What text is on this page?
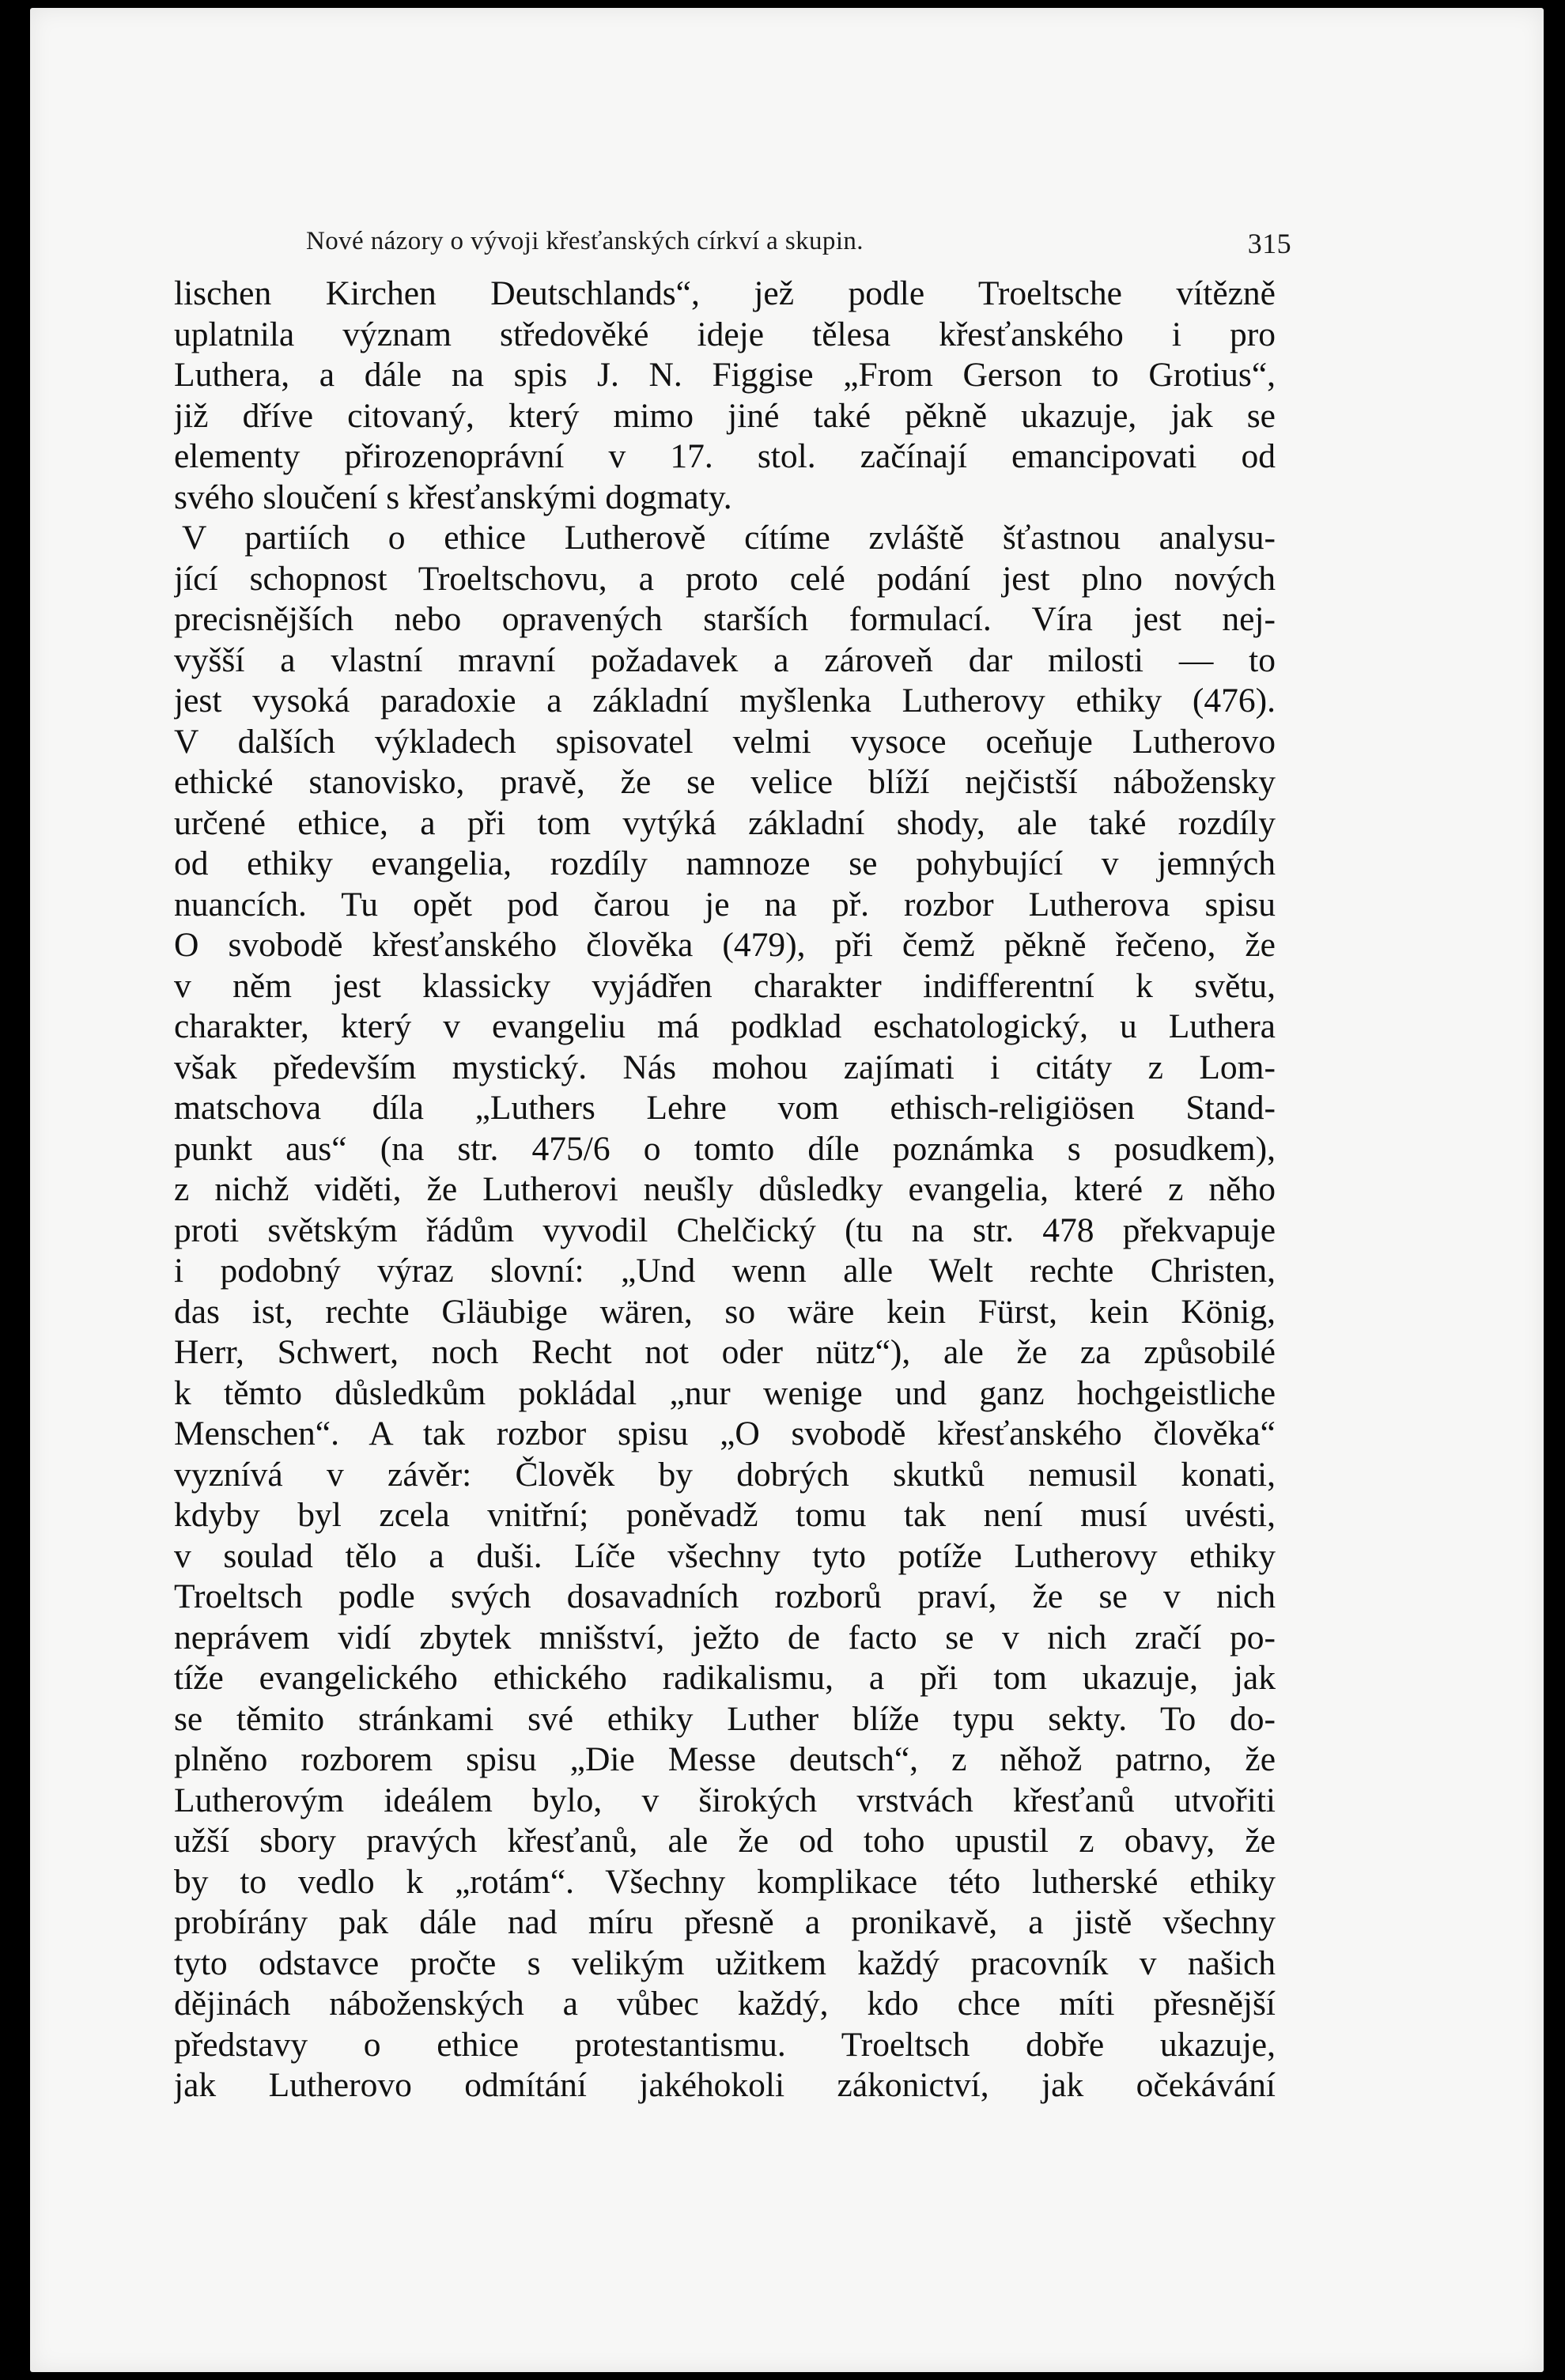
Nové názory o vývoji křesťanských církví a skupin.	315
lischen Kirchen Deutschlands“, jež podle Troeltsche vítězně
uplatnila význam středověké ideje tělesa křesťanského i pro
Luthera, a dále na spis J. N. Figgise „From Gerson to Grotius“,
již dříve citovaný, který mimo jiné také pěkně ukazuje, jak se
elementy přirozenoprávní v 17. stol. začínají emancipovati od
svého sloučení s křesťanskými dogmaty.
V partiích o ethice Lutherově cítíme zvláště šťastnou analysu-
jící schopnost Troeltschovu, a proto celé podání jest plno nových
precisnějších nebo opravených starších formulací. Víra jest nej-
vyšší a vlastní mravní požadavek a zároveň dar milosti — to
jest vysoká paradoxie a základní myšlenka Lutherovy ethiky (476).
V dalších výkladech spisovatel velmi vysoce oceňuje Lutherovo
ethické stanovisko, pravě, že se velice blíží nejčistší nábožensky
určené ethice, a při tom vytýká základní shody, ale také rozdíly
od ethiky evangelia, rozdíly namnoze se pohybující v jemných
nuancích. Tu opět pod čarou je na př. rozbor Lutherova spisu
O svobodě křesťanského člověka (479), při čemž pěkně řečeno, že
v něm jest klassicky vyjádřen charakter indifferentní k světu,
charakter, který v evangeliu má podklad eschatologický, u Luthera
však především mystický. Nás mohou zajímati i citáty z Lom-
matschova díla „Luthers Lehre vom ethisch-religiösen Stand-
punkt aus“ (na str. 475/6 o tomto díle poznámka s posudkem),
z nichž viděti, že Lutherovi neušly důsledky evangelia, které z něho
proti světským řádům vyvodil Chelčický (tu na str. 478 překvapuje
i podobný výraz slovní: „Und wenn alle Welt rechte Christen,
das ist, rechte Gläubige wären, so wäre kein Fürst, kein König,
Herr, Schwert, noch Recht not oder nütz“), ale že za způsobilé
k těmto důsledkům pokládal „nur wenige und ganz hochgeistliche
Menschen“. A tak rozbor spisu „O svobodě křesťanského člověka“
vyznívá v závěr: Člověk by dobrých skutků nemusil konati,
kdyby byl zcela vnitřní; poněvadž tomu tak není musí uvésti,
v soulad tělo a duši. Líče všechny tyto potíže Lutherovy ethiky
Troeltsch podle svých dosavadních rozborů praví, že se v nich
neprávem vidí zbytek mnišství, ježto de facto se v nich zračí po-
tíže evangelického ethického radikalismu, a při tom ukazuje, jak
se těmito stránkami své ethiky Luther blíže typu sekty. To do-
plněno rozborem spisu „Die Messe deutsch“, z něhož patrno, že
Lutherovým ideálem bylo, v širokých vrstvách křesťanů utvořiti
užší sbory pravých křesťanů, ale že od toho upustil z obavy, že
by to vedlo k „rotám“. Všechny komplikace této lutherské ethiky
probírány pak dále nad míru přesně a pronikavě, a jistě všechny
tyto odstavce pročte s velikým užitkem každý pracovník v našich
dějinách náboženských a vůbec každý, kdo chce míti přesnější
představy o ethice protestantismu. Troeltsch dobře ukazuje,
jak Lutherovo odmítání jakéhokoli zákonictví, jak očekávání
